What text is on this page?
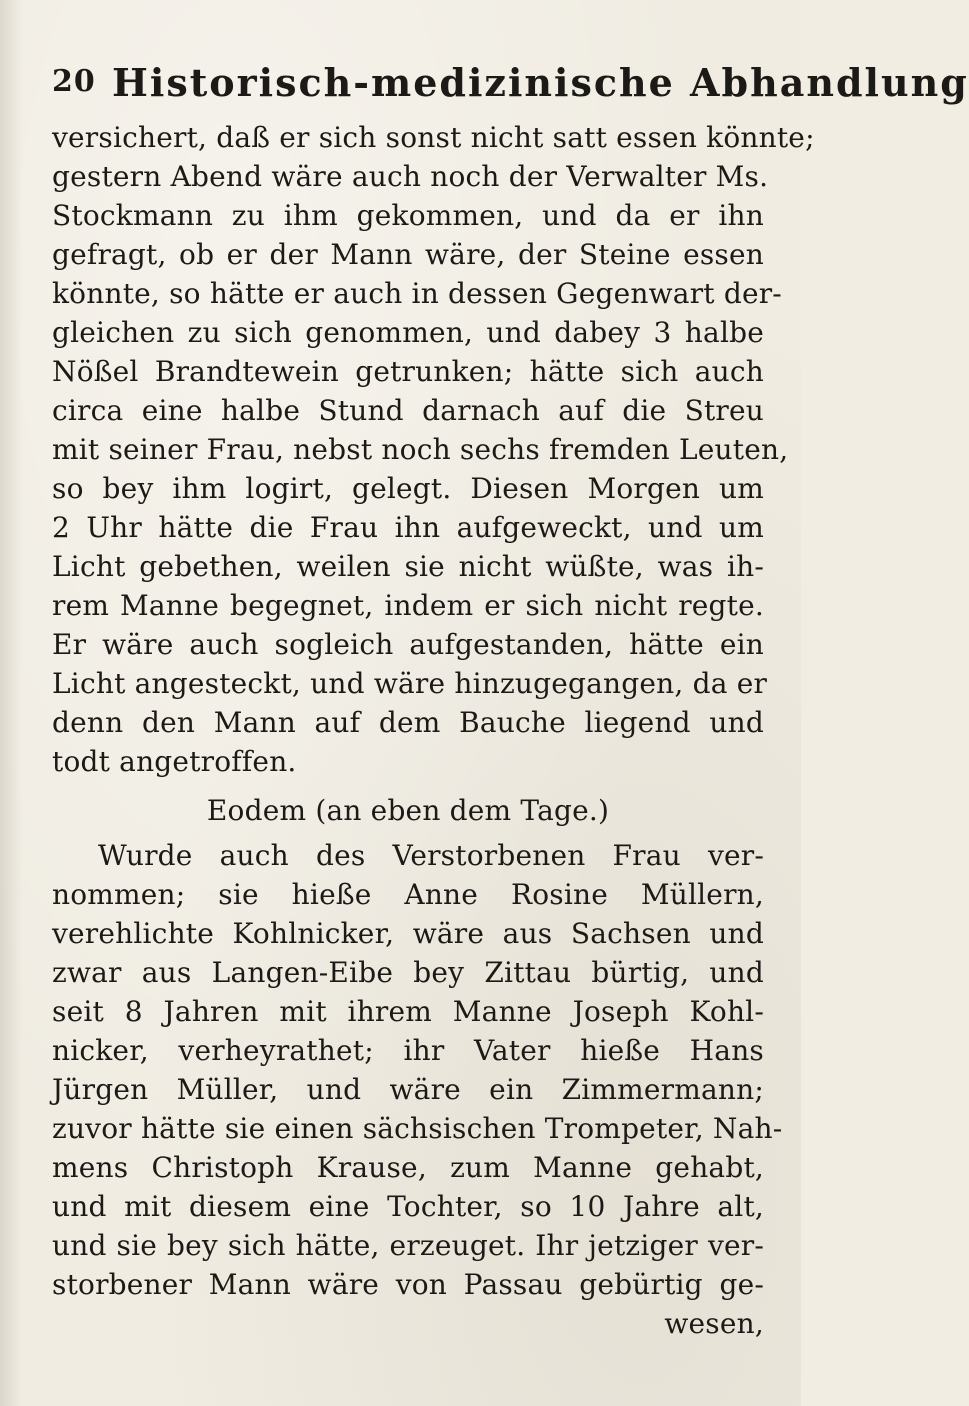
20 Historisch-medizinische Abhandlung
versichert, daß er sich sonst nicht satt essen könnte;
gestern Abend wäre auch noch der Verwalter Ms.
Stockmann zu ihm gekommen, und da er ihn
gefragt, ob er der Mann wäre, der Steine essen
könnte, so hätte er auch in dessen Gegenwart der-
gleichen zu sich genommen, und dabey 3 halbe
Nößel Brandtewein getrunken; hätte sich auch
circa eine halbe Stund darnach auf die Streu
mit seiner Frau, nebst noch sechs fremden Leuten,
so bey ihm logirt, gelegt. Diesen Morgen um
2 Uhr hätte die Frau ihn aufgeweckt, und um
Licht gebethen, weilen sie nicht wüßte, was ih-
rem Manne begegnet, indem er sich nicht regte.
Er wäre auch sogleich aufgestanden, hätte ein
Licht angesteckt, und wäre hinzugegangen, da er
denn den Mann auf dem Bauche liegend und
todt angetroffen.
Eodem (an eben dem Tage.)
Wurde auch des Verstorbenen Frau ver-
nommen; sie hieße Anne Rosine Müllern,
verehlichte Kohlnicker, wäre aus Sachsen und
zwar aus Langen-Eibe bey Zittau bürtig, und
seit 8 Jahren mit ihrem Manne Joseph Kohl-
nicker, verheyrathet; ihr Vater hieße Hans
Jürgen Müller, und wäre ein Zimmermann;
zuvor hätte sie einen sächsischen Trompeter, Nah-
mens Christoph Krause, zum Manne gehabt,
und mit diesem eine Tochter, so 10 Jahre alt,
und sie bey sich hätte, erzeuget. Ihr jetziger ver-
storbener Mann wäre von Passau gebürtig ge-
wesen,
